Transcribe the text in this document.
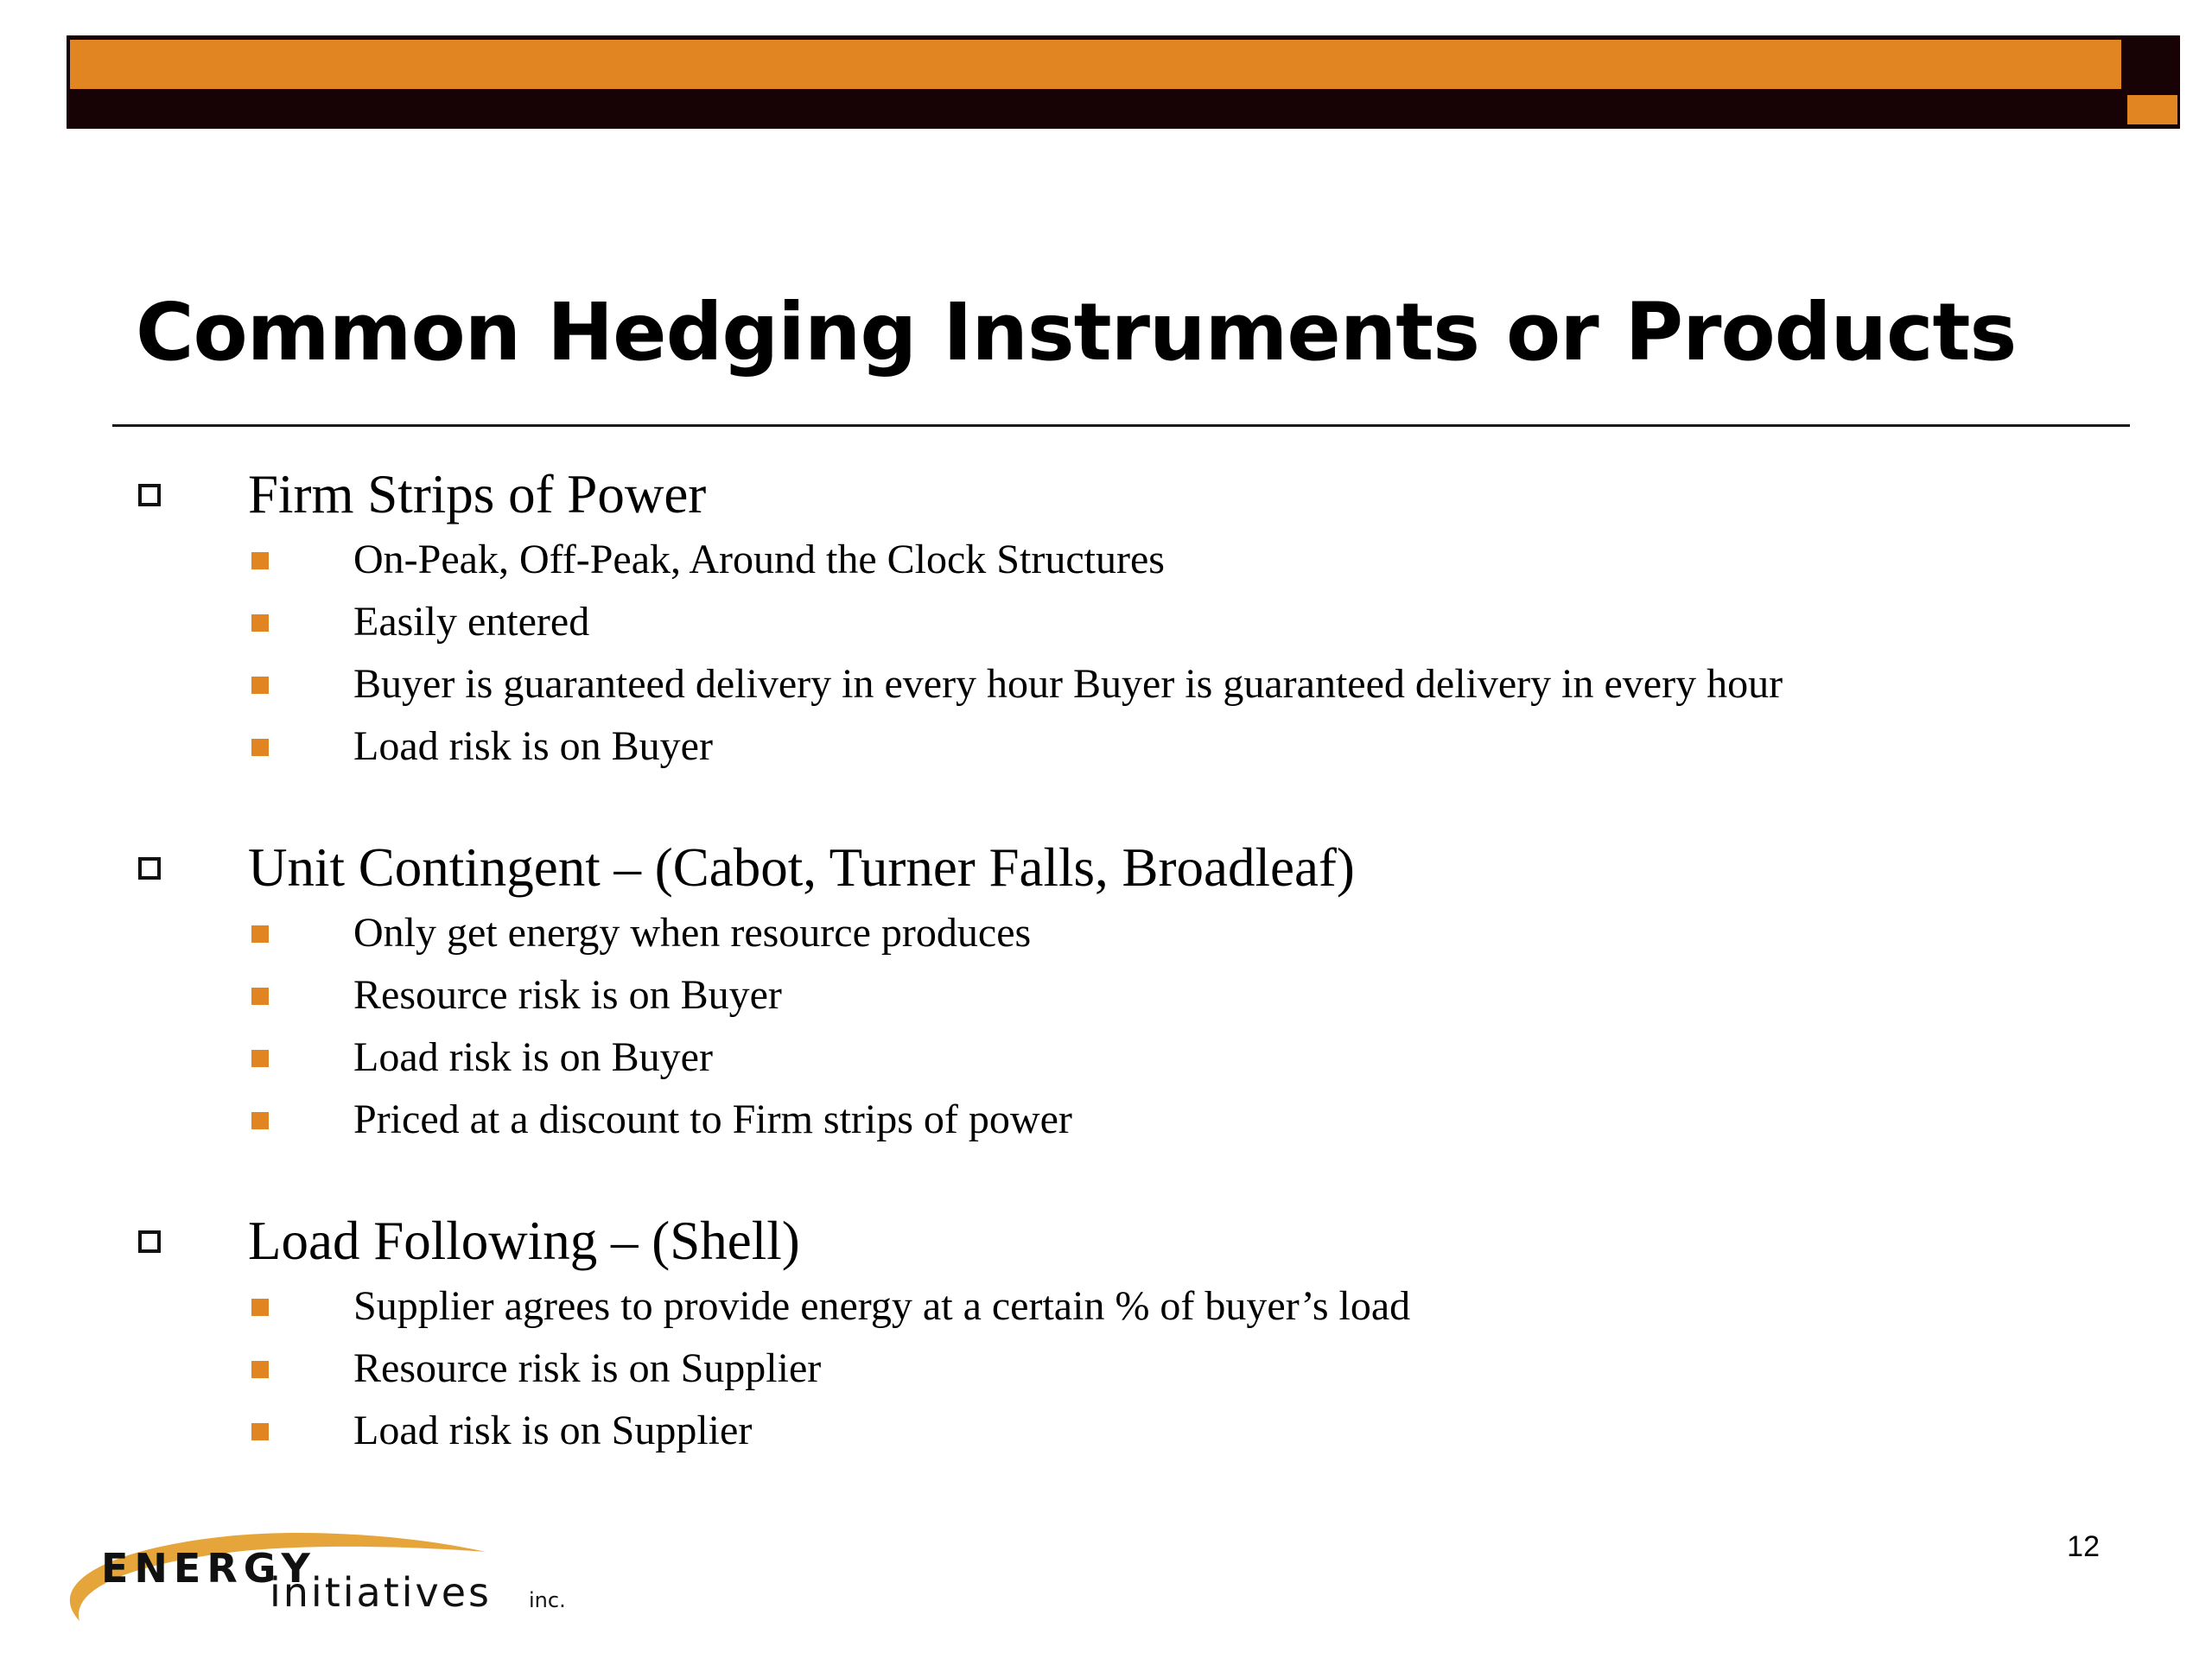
Common Hedging Instruments or Products
Firm Strips of Power
On-Peak, Off-Peak, Around the Clock Structures
Easily entered
Buyer is guaranteed delivery in every hour Buyer is guaranteed delivery in every hour
Load risk is on Buyer
Unit Contingent – (Cabot, Turner Falls, Broadleaf)
Only get energy when resource produces
Resource risk is on Buyer
Load risk is on Buyer
Priced at a discount to Firm strips of power
Load Following – (Shell)
Supplier agrees to provide energy at a certain % of buyer’s load
Resource risk is on Supplier
Load risk is on Supplier
ENERGY
initiatives inc.
12
